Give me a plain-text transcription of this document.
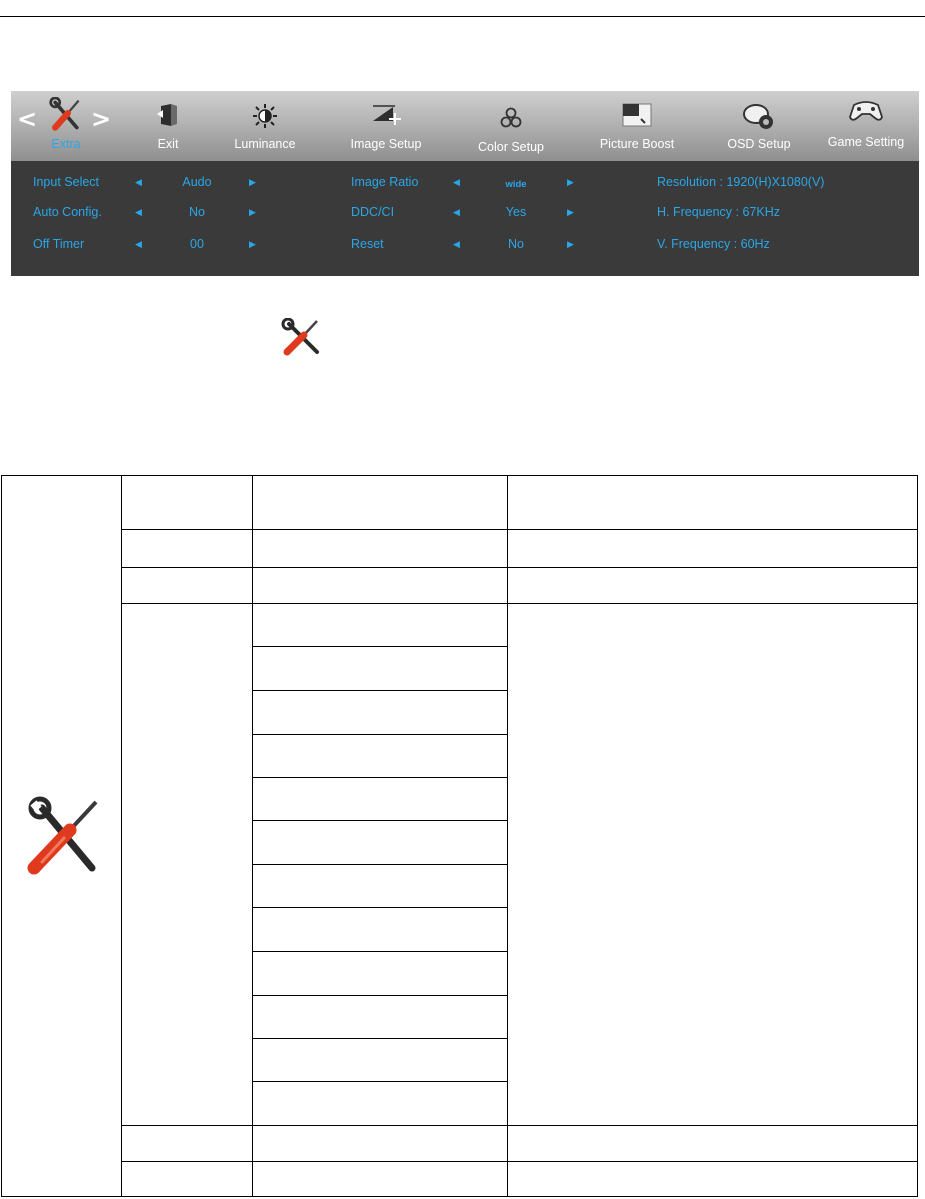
< >
Extra	Exit	Luminance	Image Setup	Color Setup	Picture Boost	OSD Setup	Game Setting
Input Select	◀	Audo	▶	Image Ratio	◀	wide	▶	Resolution : 1920(H)X1080(V)
Auto Config.	◀	No	▶	DDC/CI	◀	Yes	▶	H. Frequency : 67KHz
Off Timer	◀	00	▶	Reset	◀	No	▶	V. Frequency : 60Hz
